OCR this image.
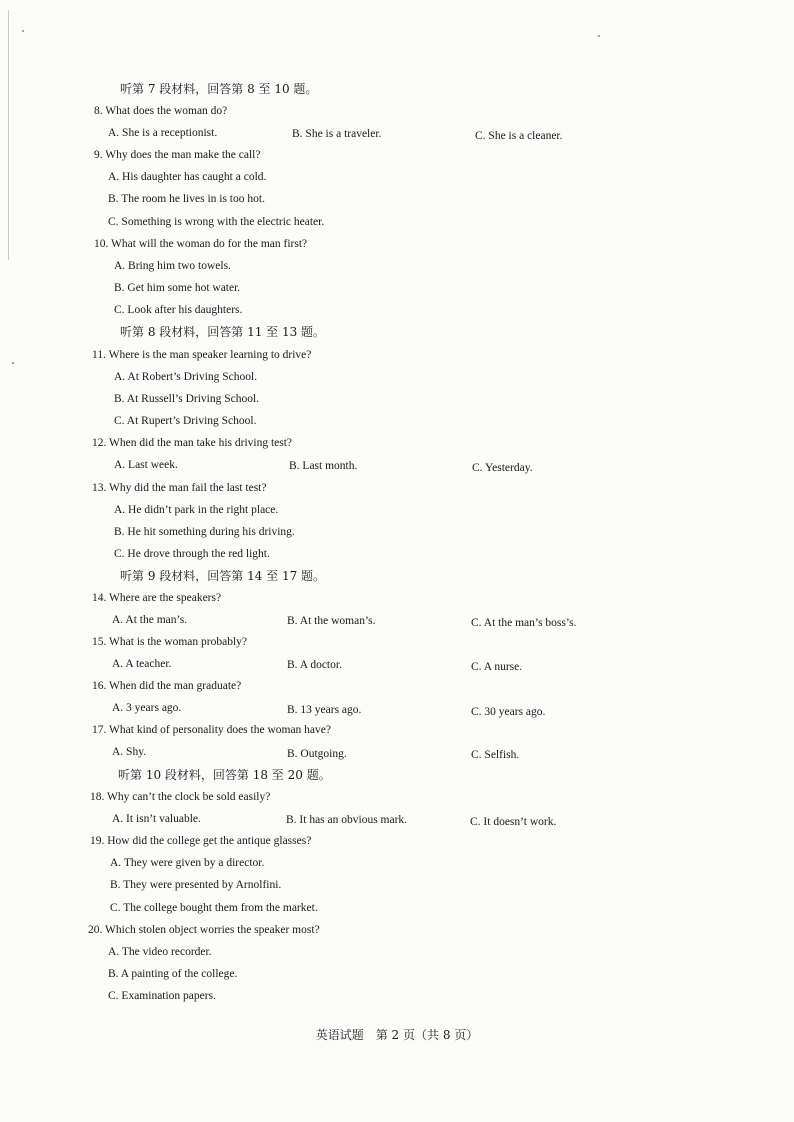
听第 7 段材料，回答第 8 至 10 题。
8. What does the woman do?
A. She is a receptionist.	B. She is a traveler.	C. She is a cleaner.
9. Why does the man make the call?
A. His daughter has caught a cold.
B. The room he lives in is too hot.
C. Something is wrong with the electric heater.
10. What will the woman do for the man first?
A. Bring him two towels.
B. Get him some hot water.
C. Look after his daughters.
听第 8 段材料，回答第 11 至 13 题。
11. Where is the man speaker learning to drive?
A. At Robert’s Driving School.
B. At Russell’s Driving School.
C. At Rupert’s Driving School.
12. When did the man take his driving test?
A. Last week.	B. Last month.	C. Yesterday.
13. Why did the man fail the last test?
A. He didn’t park in the right place.
B. He hit something during his driving.
C. He drove through the red light.
听第 9 段材料，回答第 14 至 17 题。
14. Where are the speakers?
A. At the man’s.	B. At the woman’s.	C. At the man’s boss’s.
15. What is the woman probably?
A. A teacher.	B. A doctor.	C. A nurse.
16. When did the man graduate?
A. 3 years ago.	B. 13 years ago.	C. 30 years ago.
17. What kind of personality does the woman have?
A. Shy.	B. Outgoing.	C. Selfish.
听第 10 段材料，回答第 18 至 20 题。
18. Why can’t the clock be sold easily?
A. It isn’t valuable.	B. It has an obvious mark.	C. It doesn’t work.
19. How did the college get the antique glasses?
A. They were given by a director.
B. They were presented by Arnolfini.
C. The college bought them from the market.
20. Which stolen object worries the speaker most?
A. The video recorder.
B. A painting of the college.
C. Examination papers.
英语试题　第 2 页（共 8 页）
